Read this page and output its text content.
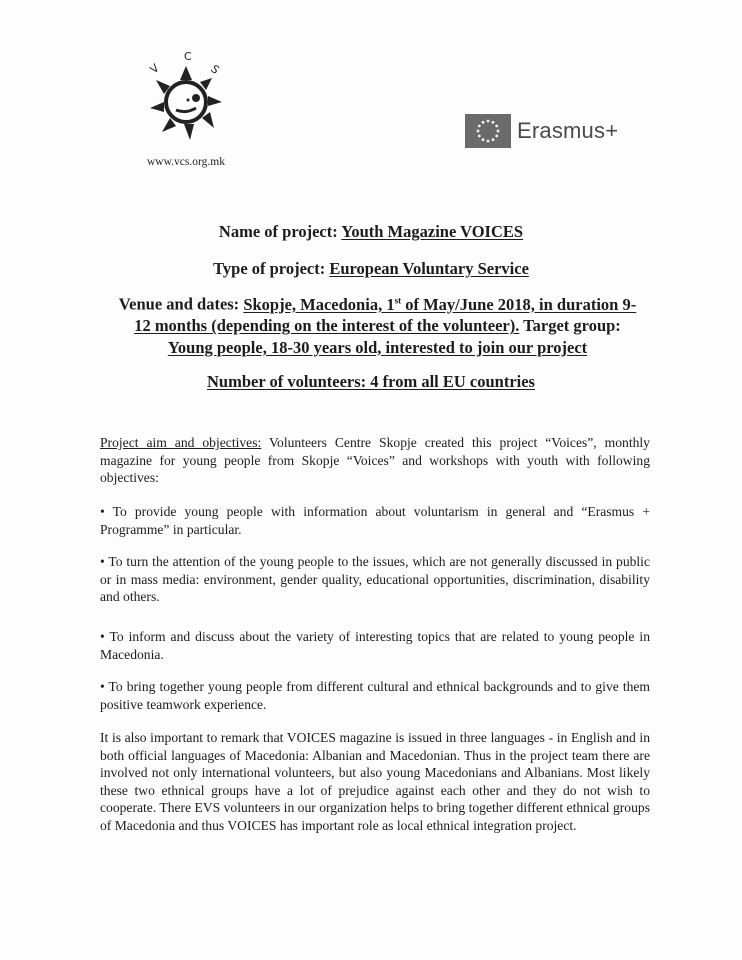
V
C
S
www.vcs.org.mk
Erasmus+
Name of project: Youth Magazine VOICES
Type of project: European Voluntary Service
Venue and dates: Skopje, Macedonia, 1st of May/June 2018, in duration 9-12 months (depending on the interest of the volunteer). Target group: Young people, 18-30 years old, interested to join our project
Number of volunteers: 4 from all EU countries
Project aim and objectives: Volunteers Centre Skopje created this project “Voices”, monthly magazine for young people from Skopje “Voices” and workshops with youth with following objectives:
• To provide young people with information about voluntarism in general and “Erasmus + Programme” in particular.
• To turn the attention of the young people to the issues, which are not generally discussed in public or in mass media: environment, gender quality, educational opportunities, discrimination, disability and others.
• To inform and discuss about the variety of interesting topics that are related to young people in Macedonia.
• To bring together young people from different cultural and ethnical backgrounds and to give them positive teamwork experience.
It is also important to remark that VOICES magazine is issued in three languages - in English and in both official languages of Macedonia: Albanian and Macedonian. Thus in the project team there are involved not only international volunteers, but also young Macedonians and Albanians. Most likely these two ethnical groups have a lot of prejudice against each other and they do not wish to cooperate. There EVS volunteers in our organization helps to bring together different ethnical groups of Macedonia and thus VOICES has important role as local ethnical integration project.
